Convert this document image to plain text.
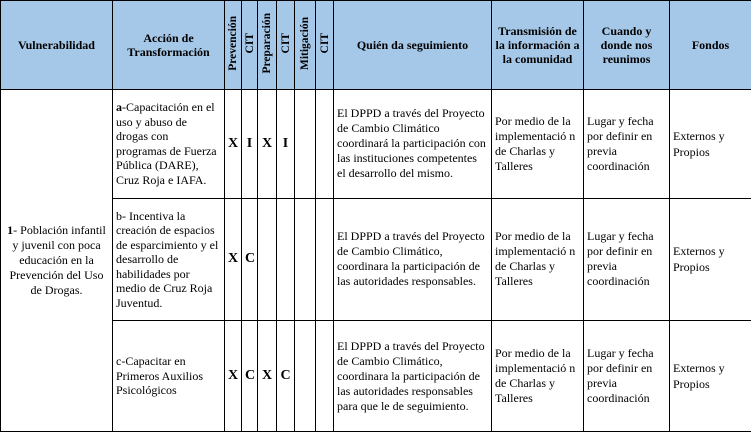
Vulnerabilidad	Acción de Transformación	Prevención	CIT	Preparación	CIT	Mitigación	CIT	Quién da seguimiento	Transmisión de la información a la comunidad	Cuando y donde nos reunimos	Fondos
1- Población infantil y juvenil con poca educación en la Prevención del Uso de Drogas.	a-Capacitación en el uso y abuso de drogas con programas de Fuerza Pública (DARE), Cruz Roja e IAFA.	X	I	X	I			El DPPD a través del Proyecto de Cambio Climático coordinará la participación con las instituciones competentes el desarrollo del mismo.	Por medio de la implementació n de Charlas y Talleres	Lugar y fecha por definir en previa coordinación	Externos y Propios
	b- Incentiva la creación de espacios de esparcimiento y el desarrollo de habilidades por medio de Cruz Roja Juventud.	X	C					El DPPD a través del Proyecto de Cambio Climático, coordinara la participación de las autoridades responsables.	Por medio de la implementació n de Charlas y Talleres	Lugar y fecha por definir en previa coordinación	Externos y Propios
	c-Capacitar en Primeros Auxilios Psicológicos	X	C	X	C			El DPPD a través del Proyecto de Cambio Climático, coordinara la participación de las autoridades responsables para que le de seguimiento.	Por medio de la implementació n de Charlas y Talleres	Lugar y fecha por definir en previa coordinación	Externos y Propios
